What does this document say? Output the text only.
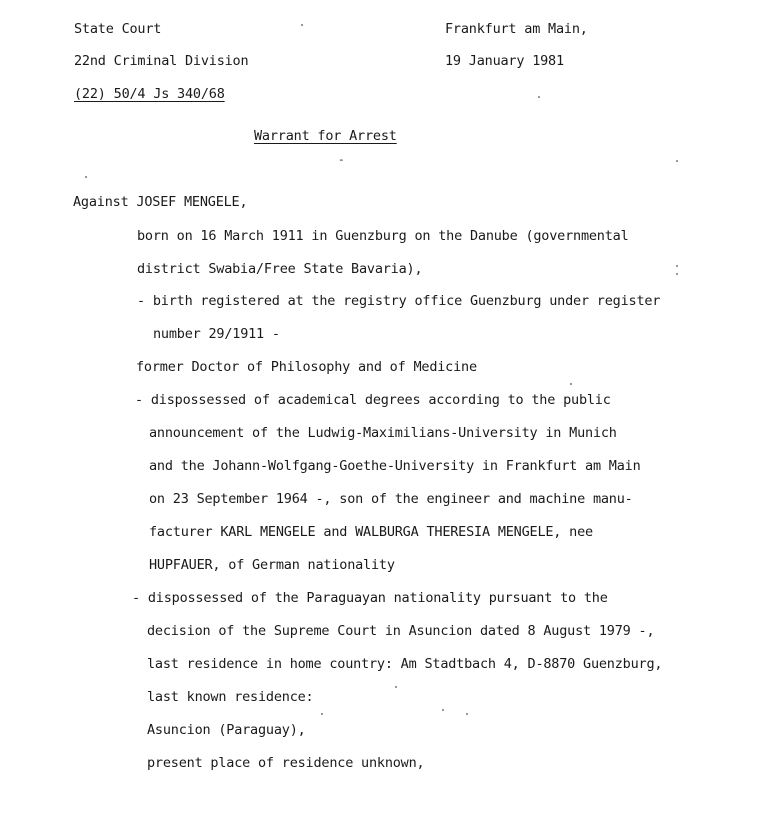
State Court
22nd Criminal Division
(22) 50/4 Js 340/68
Frankfurt am Main,
19 January 1981
Warrant for Arrest
-
Against JOSEF MENGELE,
born on 16 March 1911 in Guenzburg on the Danube (governmental
district Swabia/Free State Bavaria),
- birth registered at the registry office Guenzburg under register
number 29/1911 -
former Doctor of Philosophy and of Medicine
- dispossessed of academical degrees according to the public
announcement of the Ludwig-Maximilians-University in Munich
and the Johann-Wolfgang-Goethe-University in Frankfurt am Main
on 23 September 1964 -, son of the engineer and machine manu-
facturer KARL MENGELE and WALBURGA THERESIA MENGELE, nee
HUPFAUER, of German nationality
- dispossessed of the Paraguayan nationality pursuant to the
decision of the Supreme Court in Asuncion dated 8 August 1979 -,
last residence in home country: Am Stadtbach 4, D-8870 Guenzburg,
last known residence:
Asuncion (Paraguay),
present place of residence unknown,
